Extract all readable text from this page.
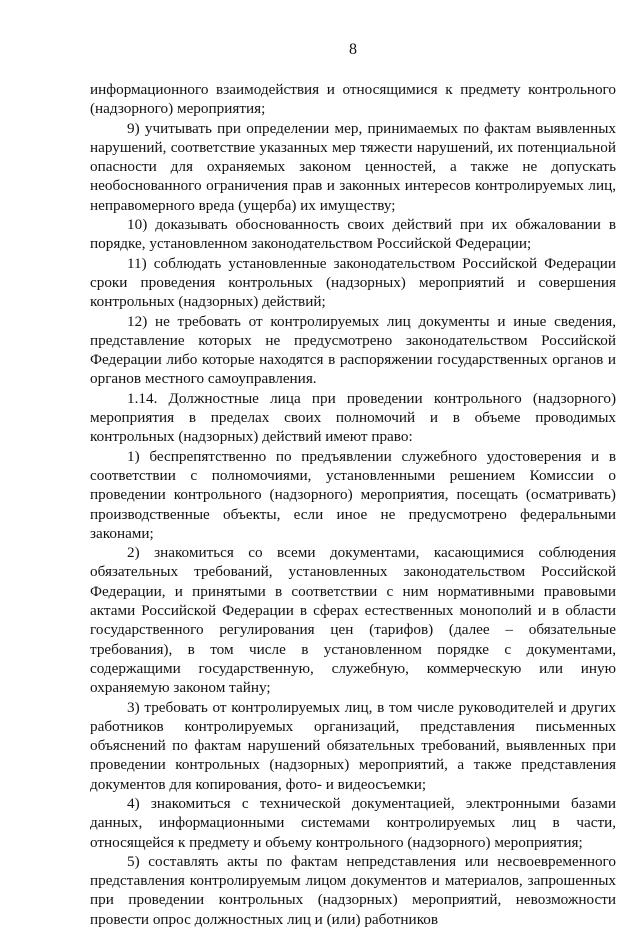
8

информационного взаимодействия и относящимися к предмету контрольного (надзорного) мероприятия;

9) учитывать при определении мер, принимаемых по фактам выявленных нарушений, соответствие указанных мер тяжести нарушений, их потенциальной опасности для охраняемых законом ценностей, а также не допускать необоснованного ограничения прав и законных интересов контролируемых лиц, неправомерного вреда (ущерба) их имуществу;

10) доказывать обоснованность своих действий при их обжаловании в порядке, установленном законодательством Российской Федерации;

11) соблюдать установленные законодательством Российской Федерации сроки проведения контрольных (надзорных) мероприятий и совершения контрольных (надзорных) действий;

12) не требовать от контролируемых лиц документы и иные сведения, представление которых не предусмотрено законодательством Российской Федерации либо которые находятся в распоряжении государственных органов и органов местного самоуправления.

1.14. Должностные лица при проведении контрольного (надзорного) мероприятия в пределах своих полномочий и в объеме проводимых контрольных (надзорных) действий имеют право:

1) беспрепятственно по предъявлении служебного удостоверения и в соответствии с полномочиями, установленными решением Комиссии о проведении контрольного (надзорного) мероприятия, посещать (осматривать) производственные объекты, если иное не предусмотрено федеральными законами;

2) знакомиться со всеми документами, касающимися соблюдения обязательных требований, установленных законодательством Российской Федерации, и принятыми в соответствии с ним нормативными правовыми актами Российской Федерации в сферах естественных монополий и в области государственного регулирования цен (тарифов) (далее – обязательные требования), в том числе в установленном порядке с документами, содержащими государственную, служебную, коммерческую или иную охраняемую законом тайну;

3) требовать от контролируемых лиц, в том числе руководителей и других работников контролируемых организаций, представления письменных объяснений по фактам нарушений обязательных требований, выявленных при проведении контрольных (надзорных) мероприятий, а также представления документов для копирования, фото- и видеосъемки;

4) знакомиться с технической документацией, электронными базами данных, информационными системами контролируемых лиц в части, относящейся к предмету и объему контрольного (надзорного) мероприятия;

5) составлять акты по фактам непредставления или несвоевременного представления контролируемым лицом документов и материалов, запрошенных при проведении контрольных (надзорных) мероприятий, невозможности провести опрос должностных лиц и (или) работников
